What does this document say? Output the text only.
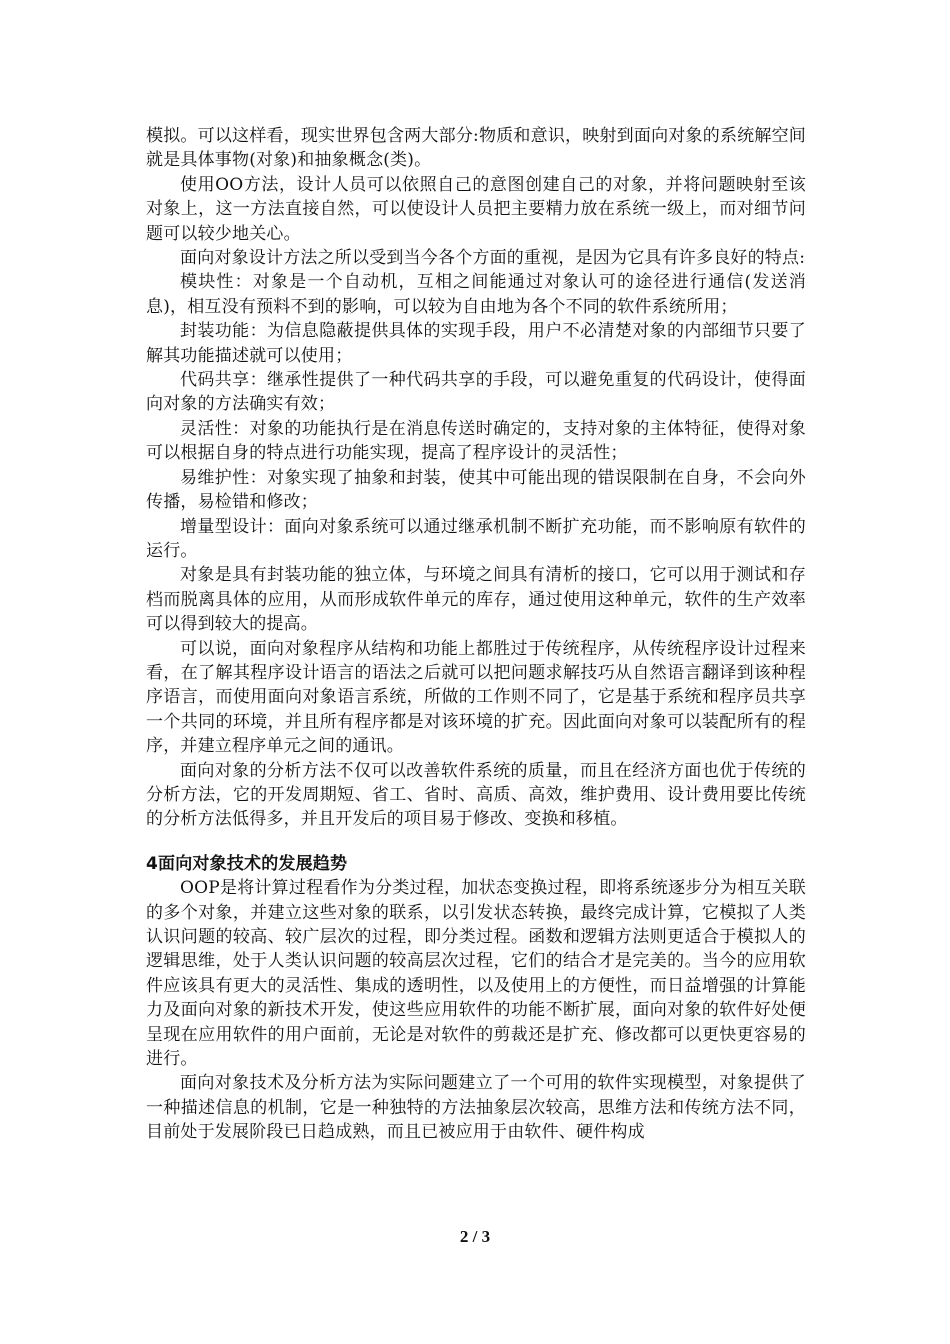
模拟。可以这样看，现实世界包含两大部分:物质和意识，映射到面向对象的系统解空间就是具体事物(对象)和抽象概念(类)。

使用OO方法，设计人员可以依照自己的意图创建自己的对象，并将问题映射至该对象上，这一方法直接自然，可以使设计人员把主要精力放在系统一级上，而对细节问题可以较少地关心。

面向对象设计方法之所以受到当今各个方面的重视，是因为它具有许多良好的特点:

模块性：对象是一个自动机，互相之间能通过对象认可的途径进行通信(发送消息)，相互没有预料不到的影响，可以较为自由地为各个不同的软件系统所用；

封装功能：为信息隐蔽提供具体的实现手段，用户不必清楚对象的内部细节只要了解其功能描述就可以使用；

代码共享：继承性提供了一种代码共享的手段，可以避免重复的代码设计，使得面向对象的方法确实有效；

灵活性：对象的功能执行是在消息传送时确定的，支持对象的主体特征，使得对象可以根据自身的特点进行功能实现，提高了程序设计的灵活性；

易维护性：对象实现了抽象和封装，使其中可能出现的错误限制在自身，不会向外传播，易检错和修改；

增量型设计：面向对象系统可以通过继承机制不断扩充功能，而不影响原有软件的运行。

对象是具有封装功能的独立体，与环境之间具有清析的接口，它可以用于测试和存档而脱离具体的应用，从而形成软件单元的库存，通过使用这种单元，软件的生产效率可以得到较大的提高。

可以说，面向对象程序从结构和功能上都胜过于传统程序，从传统程序设计过程来看，在了解其程序设计语言的语法之后就可以把问题求解技巧从自然语言翻译到该种程序语言，而使用面向对象语言系统，所做的工作则不同了，它是基于系统和程序员共享一个共同的环境，并且所有程序都是对该环境的扩充。因此面向对象可以装配所有的程序，并建立程序单元之间的通讯。

面向对象的分析方法不仅可以改善软件系统的质量，而且在经济方面也优于传统的分析方法，它的开发周期短、省工、省时、高质、高效，维护费用、设计费用要比传统的分析方法低得多，并且开发后的项目易于修改、变换和移植。

4面向对象技术的发展趋势

OOP是将计算过程看作为分类过程，加状态变换过程，即将系统逐步分为相互关联的多个对象，并建立这些对象的联系，以引发状态转换，最终完成计算，它模拟了人类认识问题的较高、较广层次的过程，即分类过程。函数和逻辑方法则更适合于模拟人的逻辑思维，处于人类认识问题的较高层次过程，它们的结合才是完美的。当今的应用软件应该具有更大的灵活性、集成的透明性，以及使用上的方便性，而日益增强的计算能力及面向对象的新技术开发，使这些应用软件的功能不断扩展，面向对象的软件好处便呈现在应用软件的用户面前，无论是对软件的剪裁还是扩充、修改都可以更快更容易的进行。

面向对象技术及分析方法为实际问题建立了一个可用的软件实现模型，对象提供了一种描述信息的机制，它是一种独特的方法抽象层次较高，思维方法和传统方法不同，目前处于发展阶段已日趋成熟，而且已被应用于由软件、硬件构成

2 / 3
